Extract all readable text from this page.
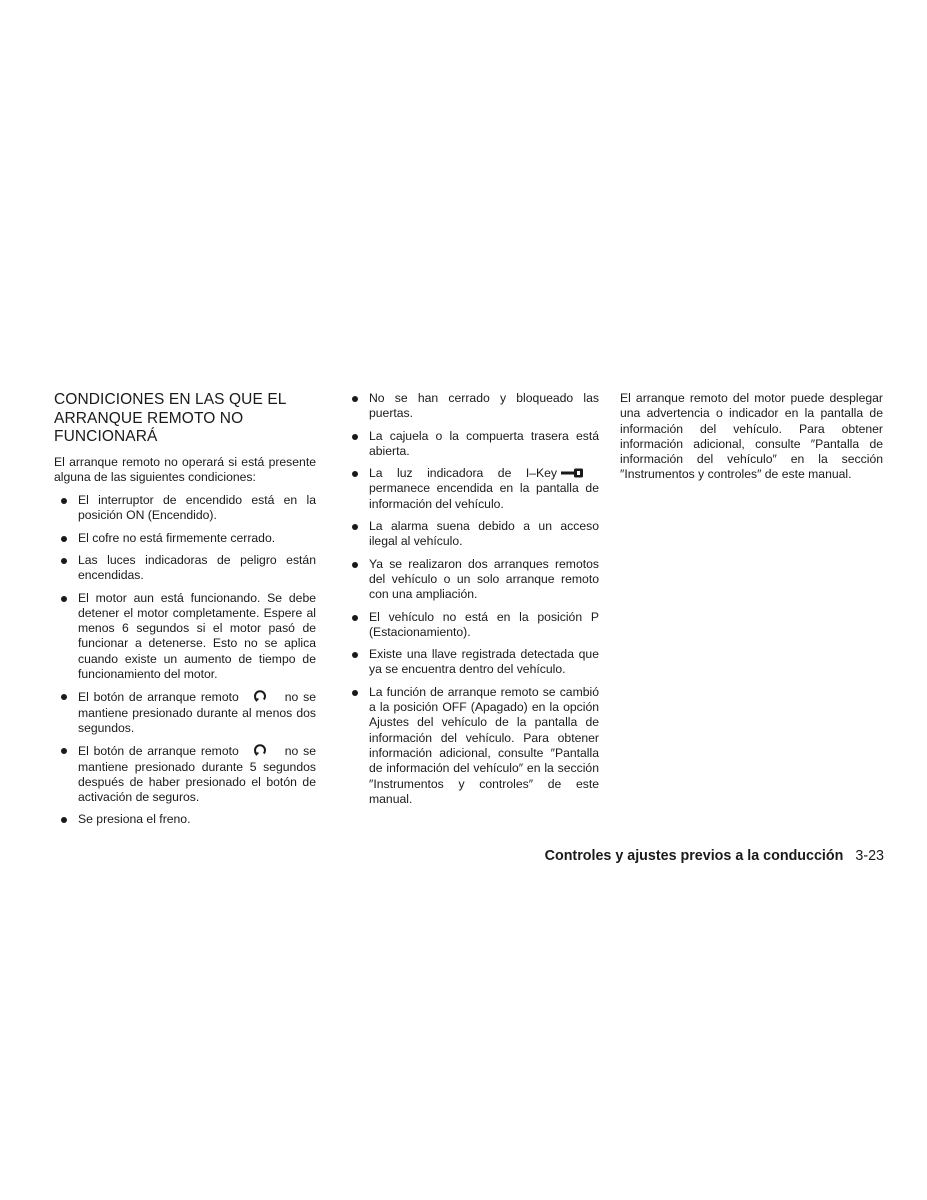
CONDICIONES EN LAS QUE EL ARRANQUE REMOTO NO FUNCIONARÁ

El arranque remoto no operará si está presente alguna de las siguientes condiciones:

El interruptor de encendido está en la posición ON (Encendido).
El cofre no está firmemente cerrado.
Las luces indicadoras de peligro están encendidas.
El motor aun está funcionando. Se debe detener el motor completamente. Espere al menos 6 segundos si el motor pasó de funcionar a detenerse. Esto no se aplica cuando existe un aumento de tiempo de funcionamiento del motor.
El botón de arranque remoto	no se mantiene presionado durante al menos dos segundos.
El botón de arranque remoto	no se mantiene presionado durante 5 segundos después de haber presionado el botón de activación de seguros.
Se presiona el freno.
No se han cerrado y bloqueado las puertas.
La cajuela o la compuerta trasera está abierta.
La luz indicadora de I–Keypermanece encendida en la pantalla de información del vehículo.
La alarma suena debido a un acceso ilegal al vehículo.
Ya se realizaron dos arranques remotos del vehículo o un solo arranque remoto con una ampliación.
El vehículo no está en la posición P (Estacionamiento).
Existe una llave registrada detectada que ya se encuentra dentro del vehículo.
La función de arranque remoto se cambió a la posición OFF (Apagado) en la opción Ajustes del vehículo de la pantalla de información del vehículo. Para obtener información adicional, consulte ″Pantalla de información del vehículo″ en la sección ″Instrumentos y controles″ de este manual.

El arranque remoto del motor puede desplegar una advertencia o indicador en la pantalla de información del vehículo. Para obtener información adicional, consulte ″Pantalla de información del vehículo″ en la sección ″Instrumentos y controles″ de este manual.

Controles y ajustes previos a la conducción 3-23
